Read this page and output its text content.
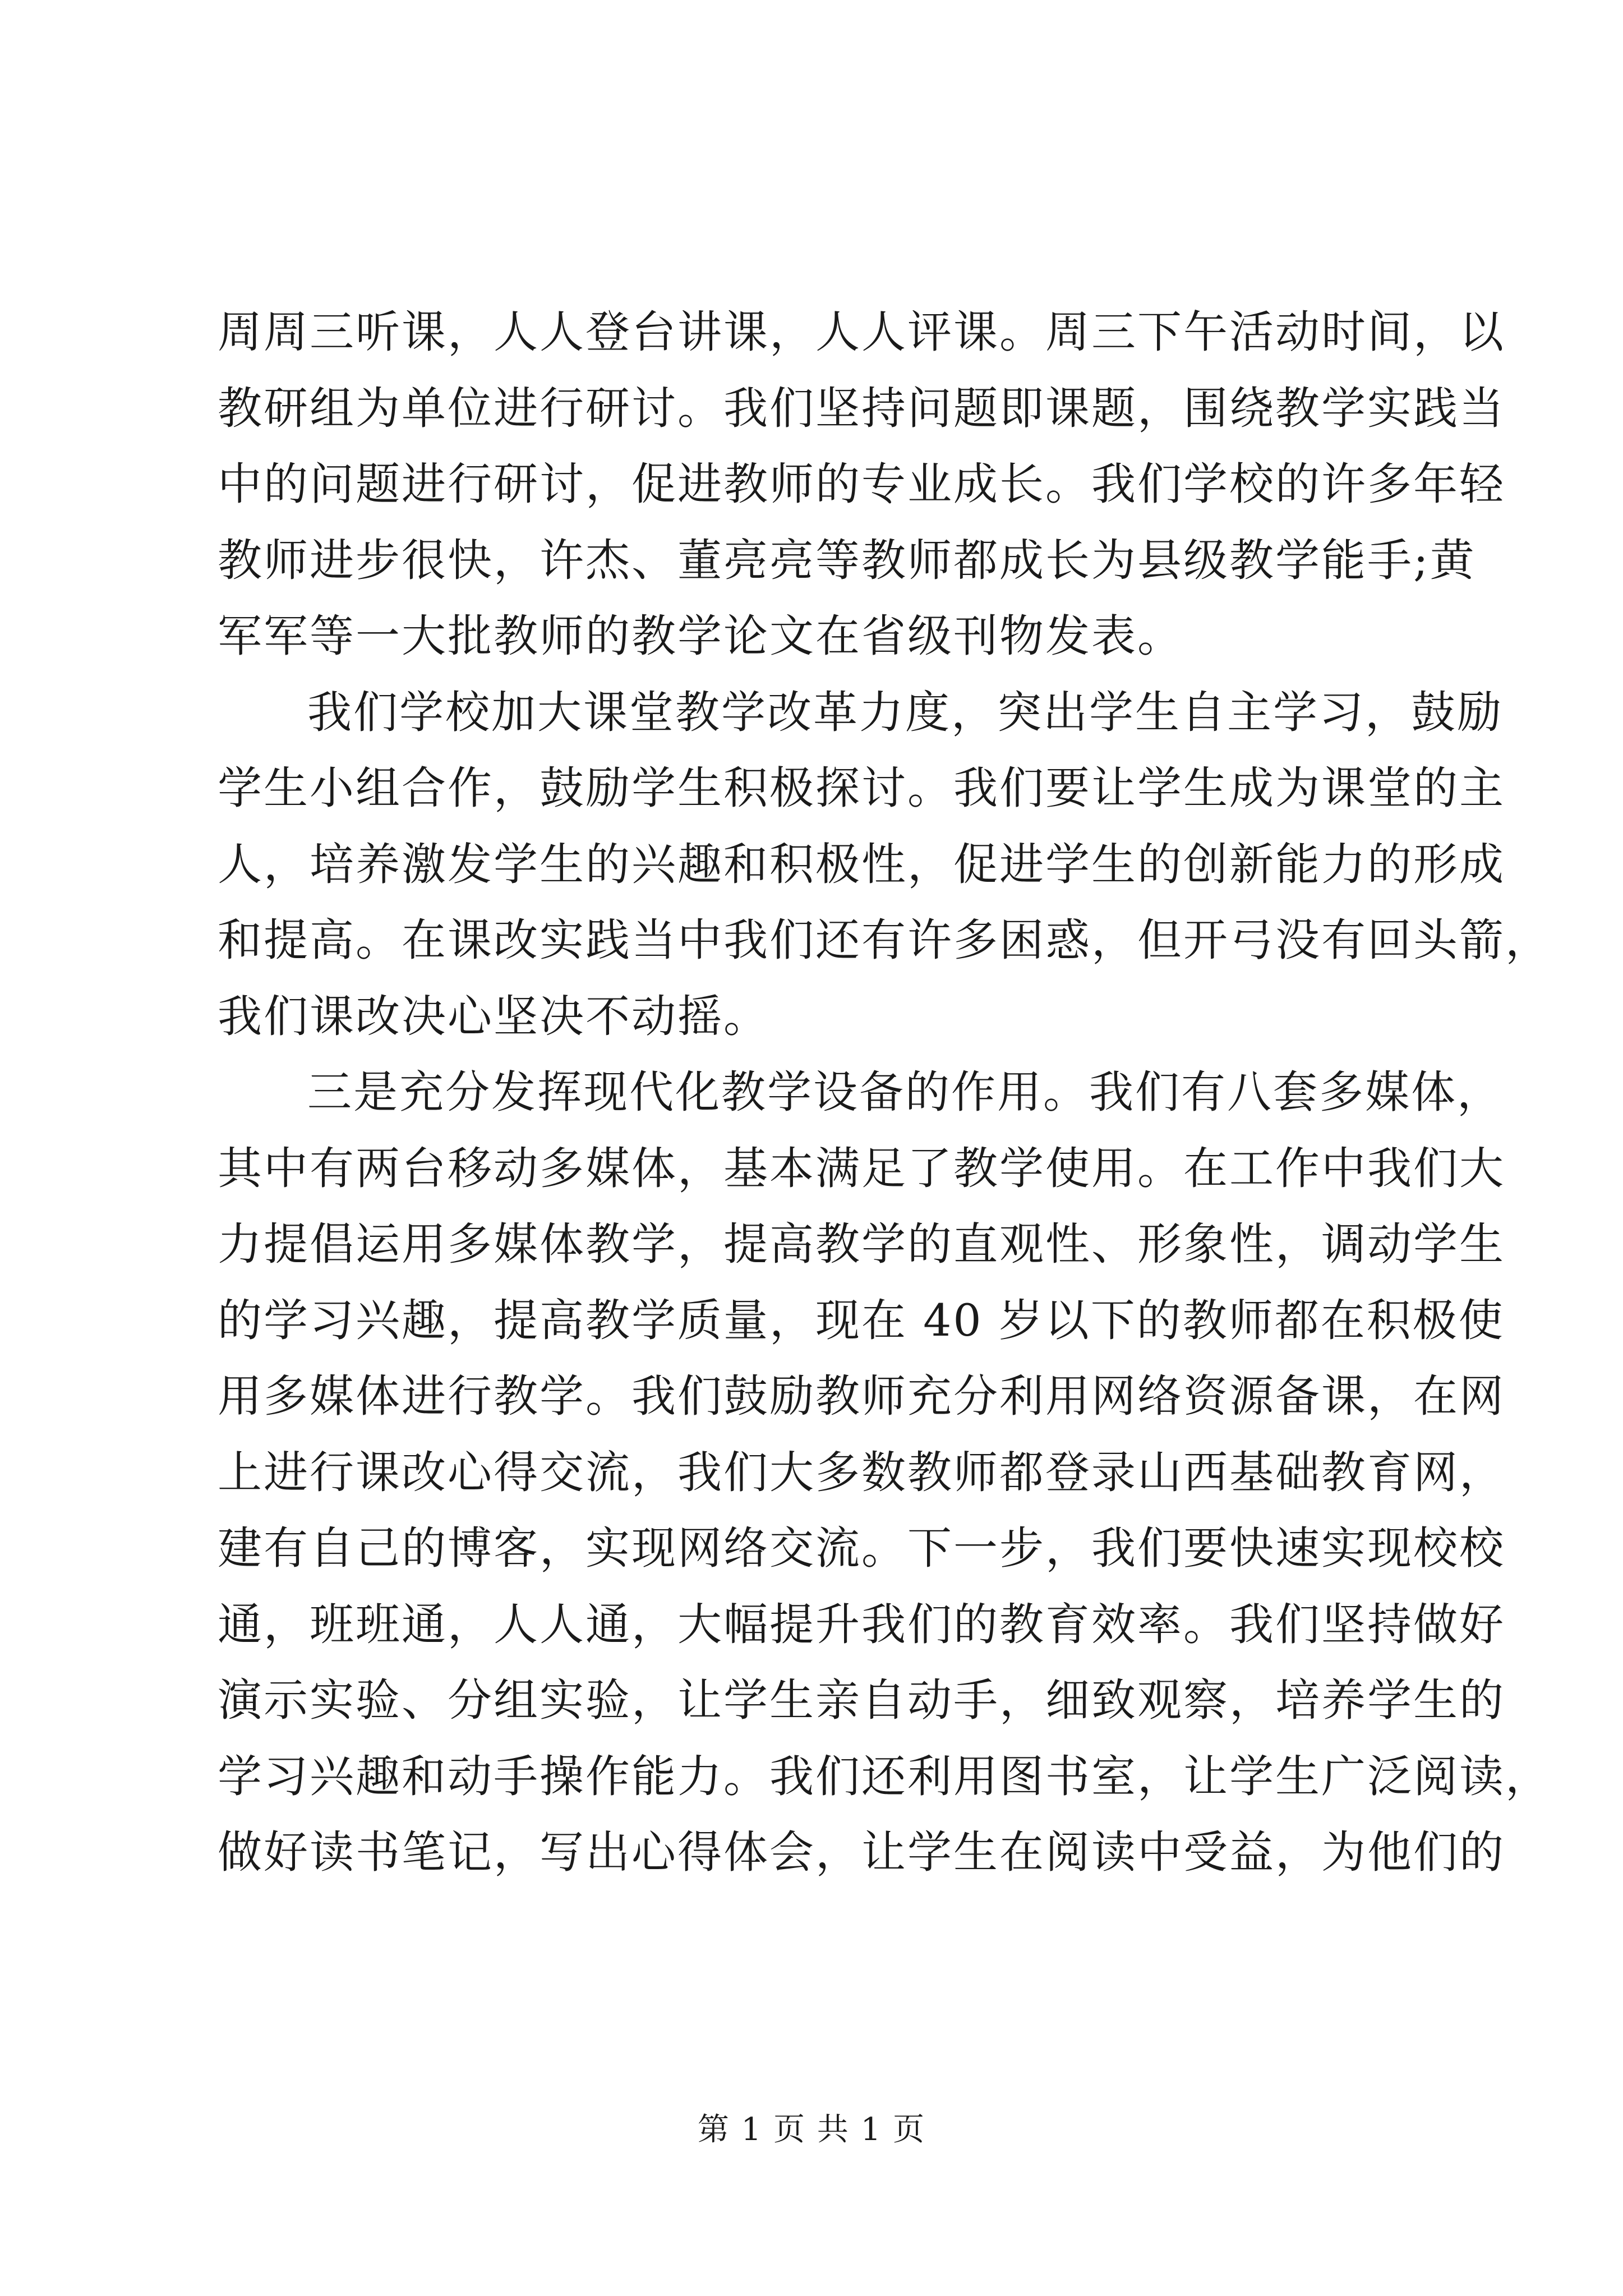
周周三听课，人人登台讲课，人人评课。周三下午活动时间，以
教研组为单位进行研讨。我们坚持问题即课题，围绕教学实践当
中的问题进行研讨，促进教师的专业成长。我们学校的许多年轻
教师进步很快，许杰、董亮亮等教师都成长为县级教学能手;黄
军军等一大批教师的教学论文在省级刊物发表。
我们学校加大课堂教学改革力度，突出学生自主学习，鼓励
学生小组合作，鼓励学生积极探讨。我们要让学生成为课堂的主
人，培养激发学生的兴趣和积极性，促进学生的创新能力的形成
和提高。在课改实践当中我们还有许多困惑，但开弓没有回头箭，
我们课改决心坚决不动摇。
三是充分发挥现代化教学设备的作用。我们有八套多媒体，
其中有两台移动多媒体，基本满足了教学使用。在工作中我们大
力提倡运用多媒体教学，提高教学的直观性、形象性，调动学生
的学习兴趣，提高教学质量，现在 40 岁以下的教师都在积极使
用多媒体进行教学。我们鼓励教师充分利用网络资源备课，在网
上进行课改心得交流，我们大多数教师都登录山西基础教育网，
建有自己的博客，实现网络交流。下一步，我们要快速实现校校
通，班班通，人人通，大幅提升我们的教育效率。我们坚持做好
演示实验、分组实验，让学生亲自动手，细致观察，培养学生的
学习兴趣和动手操作能力。我们还利用图书室，让学生广泛阅读，
做好读书笔记，写出心得体会，让学生在阅读中受益，为他们的
第 1 页 共 1 页
